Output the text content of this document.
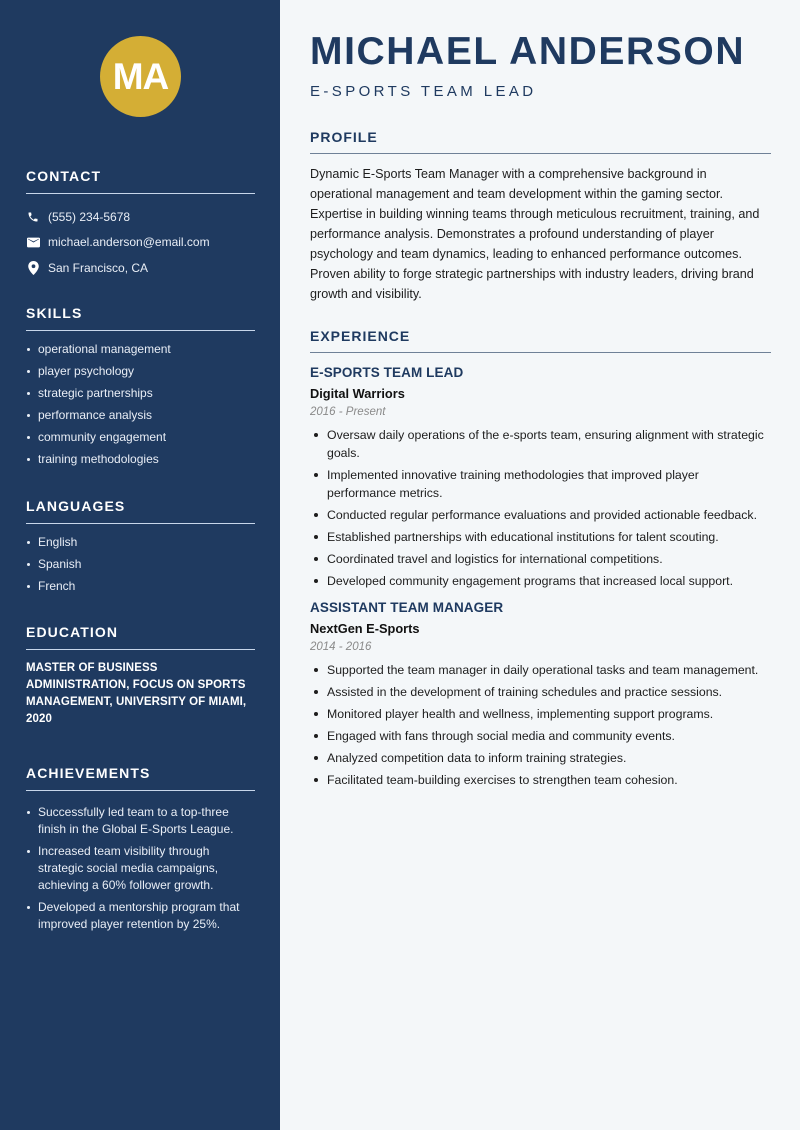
MA
CONTACT
(555) 234-5678
michael.anderson@email.com
San Francisco, CA
SKILLS
operational management
player psychology
strategic partnerships
performance analysis
community engagement
training methodologies
LANGUAGES
English
Spanish
French
EDUCATION

MASTER OF BUSINESS ADMINISTRATION, FOCUS ON SPORTS MANAGEMENT, UNIVERSITY OF MIAMI, 2020

ACHIEVEMENTS
Successfully led team to a top-three finish in the Global E-Sports League.
Increased team visibility through strategic social media campaigns, achieving a 60% follower growth.
Developed a mentorship program that improved player retention by 25%.
MICHAEL ANDERSON
E-SPORTS TEAM LEAD
PROFILE

Dynamic E-Sports Team Manager with a comprehensive background in operational management and team development within the gaming sector. Expertise in building winning teams through meticulous recruitment, training, and performance analysis. Demonstrates a profound understanding of player psychology and team dynamics, leading to enhanced performance outcomes. Proven ability to forge strategic partnerships with industry leaders, driving brand growth and visibility.

EXPERIENCE
E-SPORTS TEAM LEAD
Digital Warriors
2016 - Present
Oversaw daily operations of the e-sports team, ensuring alignment with strategic goals.
Implemented innovative training methodologies that improved player performance metrics.
Conducted regular performance evaluations and provided actionable feedback.
Established partnerships with educational institutions for talent scouting.
Coordinated travel and logistics for international competitions.
Developed community engagement programs that increased local support.
ASSISTANT TEAM MANAGER
NextGen E-Sports
2014 - 2016
Supported the team manager in daily operational tasks and team management.
Assisted in the development of training schedules and practice sessions.
Monitored player health and wellness, implementing support programs.
Engaged with fans through social media and community events.
Analyzed competition data to inform training strategies.
Facilitated team-building exercises to strengthen team cohesion.
